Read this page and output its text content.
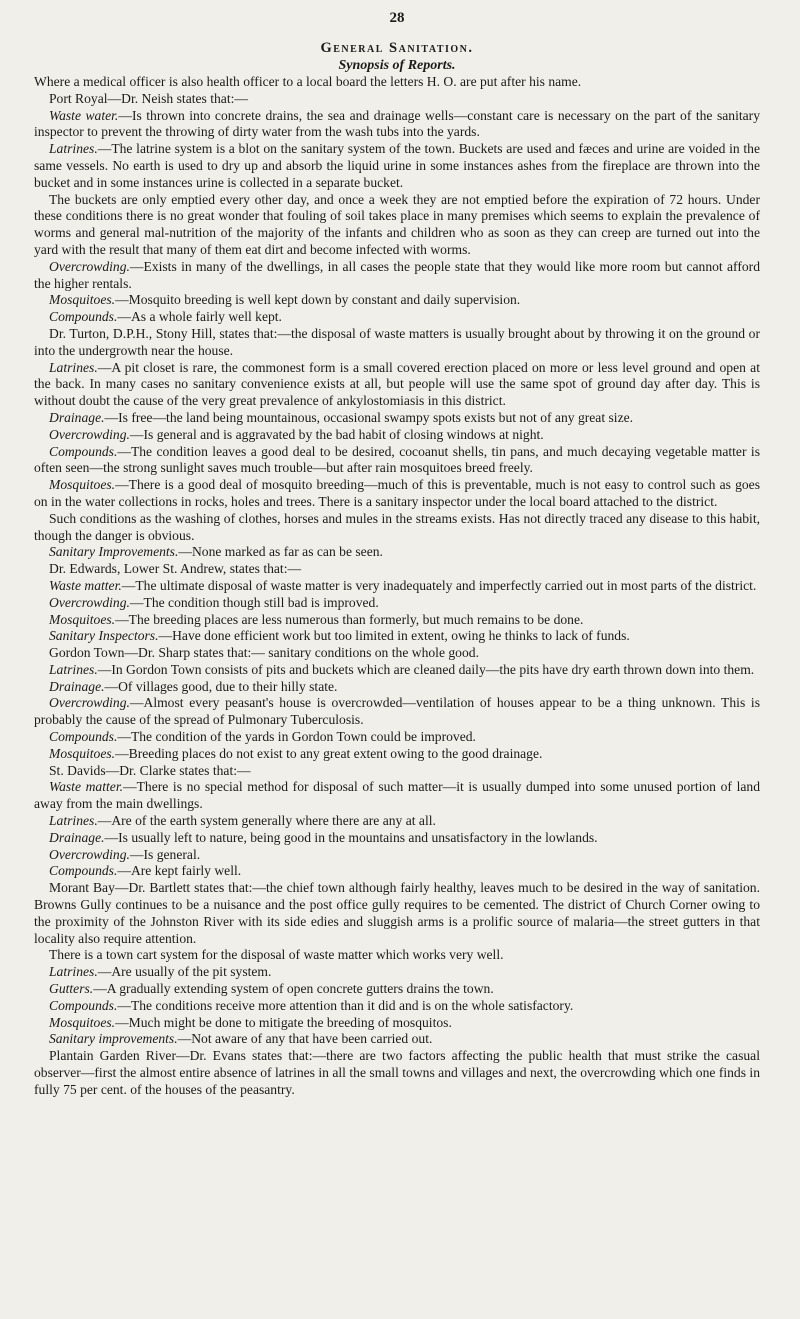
28
General Sanitation.
Synopsis of Reports.

Where a medical officer is also health officer to a local board the letters H. O. are put after his name.

Port Royal—Dr. Neish states that:—

Waste water.—Is thrown into concrete drains, the sea and drainage wells—constant care is necessary on the part of the sanitary inspector to prevent the throwing of dirty water from the wash tubs into the yards.

Latrines.—The latrine system is a blot on the sanitary system of the town. Buckets are used and fæces and urine are voided in the same vessels. No earth is used to dry up and absorb the liquid urine in some instances ashes from the fireplace are thrown into the bucket and in some instances urine is collected in a separate bucket.

The buckets are only emptied every other day, and once a week they are not emptied before the expiration of 72 hours. Under these conditions there is no great wonder that fouling of soil takes place in many premises which seems to explain the prevalence of worms and general mal-nutrition of the majority of the infants and children who as soon as they can creep are turned out into the yard with the result that many of them eat dirt and become infected with worms.

Overcrowding.—Exists in many of the dwellings, in all cases the people state that they would like more room but cannot afford the higher rentals.

Mosquitoes.—Mosquito breeding is well kept down by constant and daily supervision.

Compounds.—As a whole fairly well kept.

Dr. Turton, D.P.H., Stony Hill, states that:—the disposal of waste matters is usually brought about by throwing it on the ground or into the undergrowth near the house.

Latrines.—A pit closet is rare, the commonest form is a small covered erection placed on more or less level ground and open at the back. In many cases no sanitary convenience exists at all, but people will use the same spot of ground day after day. This is without doubt the cause of the very great prevalence of ankylostomiasis in this district.

Drainage.—Is free—the land being mountainous, occasional swampy spots exists but not of any great size.

Overcrowding.—Is general and is aggravated by the bad habit of closing windows at night.

Compounds.—The condition leaves a good deal to be desired, cocoanut shells, tin pans, and much decaying vegetable matter is often seen—the strong sunlight saves much trouble—but after rain mosquitoes breed freely.

Mosquitoes.—There is a good deal of mosquito breeding—much of this is preventable, much is not easy to control such as goes on in the water collections in rocks, holes and trees. There is a sanitary inspector under the local board attached to the district.

Such conditions as the washing of clothes, horses and mules in the streams exists. Has not directly traced any disease to this habit, though the danger is obvious.

Sanitary Improvements.—None marked as far as can be seen.

Dr. Edwards, Lower St. Andrew, states that:—

Waste matter.—The ultimate disposal of waste matter is very inadequately and imperfectly carried out in most parts of the district.

Overcrowding.—The condition though still bad is improved.

Mosquitoes.—The breeding places are less numerous than formerly, but much remains to be done.

Sanitary Inspectors.—Have done efficient work but too limited in extent, owing he thinks to lack of funds.

Gordon Town—Dr. Sharp states that:— sanitary conditions on the whole good.

Latrines.—In Gordon Town consists of pits and buckets which are cleaned daily—the pits have dry earth thrown down into them.

Drainage.—Of villages good, due to their hilly state.

Overcrowding.—Almost every peasant's house is overcrowded—ventilation of houses appear to be a thing unknown. This is probably the cause of the spread of Pulmonary Tuberculosis.

Compounds.—The condition of the yards in Gordon Town could be improved.

Mosquitoes.—Breeding places do not exist to any great extent owing to the good drainage.

St. Davids—Dr. Clarke states that:—

Waste matter.—There is no special method for disposal of such matter—it is usually dumped into some unused portion of land away from the main dwellings.

Latrines.—Are of the earth system generally where there are any at all.

Drainage.—Is usually left to nature, being good in the mountains and unsatisfactory in the lowlands.

Overcrowding.—Is general.

Compounds.—Are kept fairly well.

Morant Bay—Dr. Bartlett states that:—the chief town although fairly healthy, leaves much to be desired in the way of sanitation. Browns Gully continues to be a nuisance and the post office gully requires to be cemented. The district of Church Corner owing to the proximity of the Johnston River with its side edies and sluggish arms is a prolific source of malaria—the street gutters in that locality also require attention.

There is a town cart system for the disposal of waste matter which works very well.

Latrines.—Are usually of the pit system.

Gutters.—A gradually extending system of open concrete gutters drains the town.

Compounds.—The conditions receive more attention than it did and is on the whole satisfactory.

Mosquitoes.—Much might be done to mitigate the breeding of mosquitos.

Sanitary improvements.—Not aware of any that have been carried out.

Plantain Garden River—Dr. Evans states that:—there are two factors affecting the public health that must strike the casual observer—first the almost entire absence of latrines in all the small towns and villages and next, the overcrowding which one finds in fully 75 per cent. of the houses of the peasantry.
